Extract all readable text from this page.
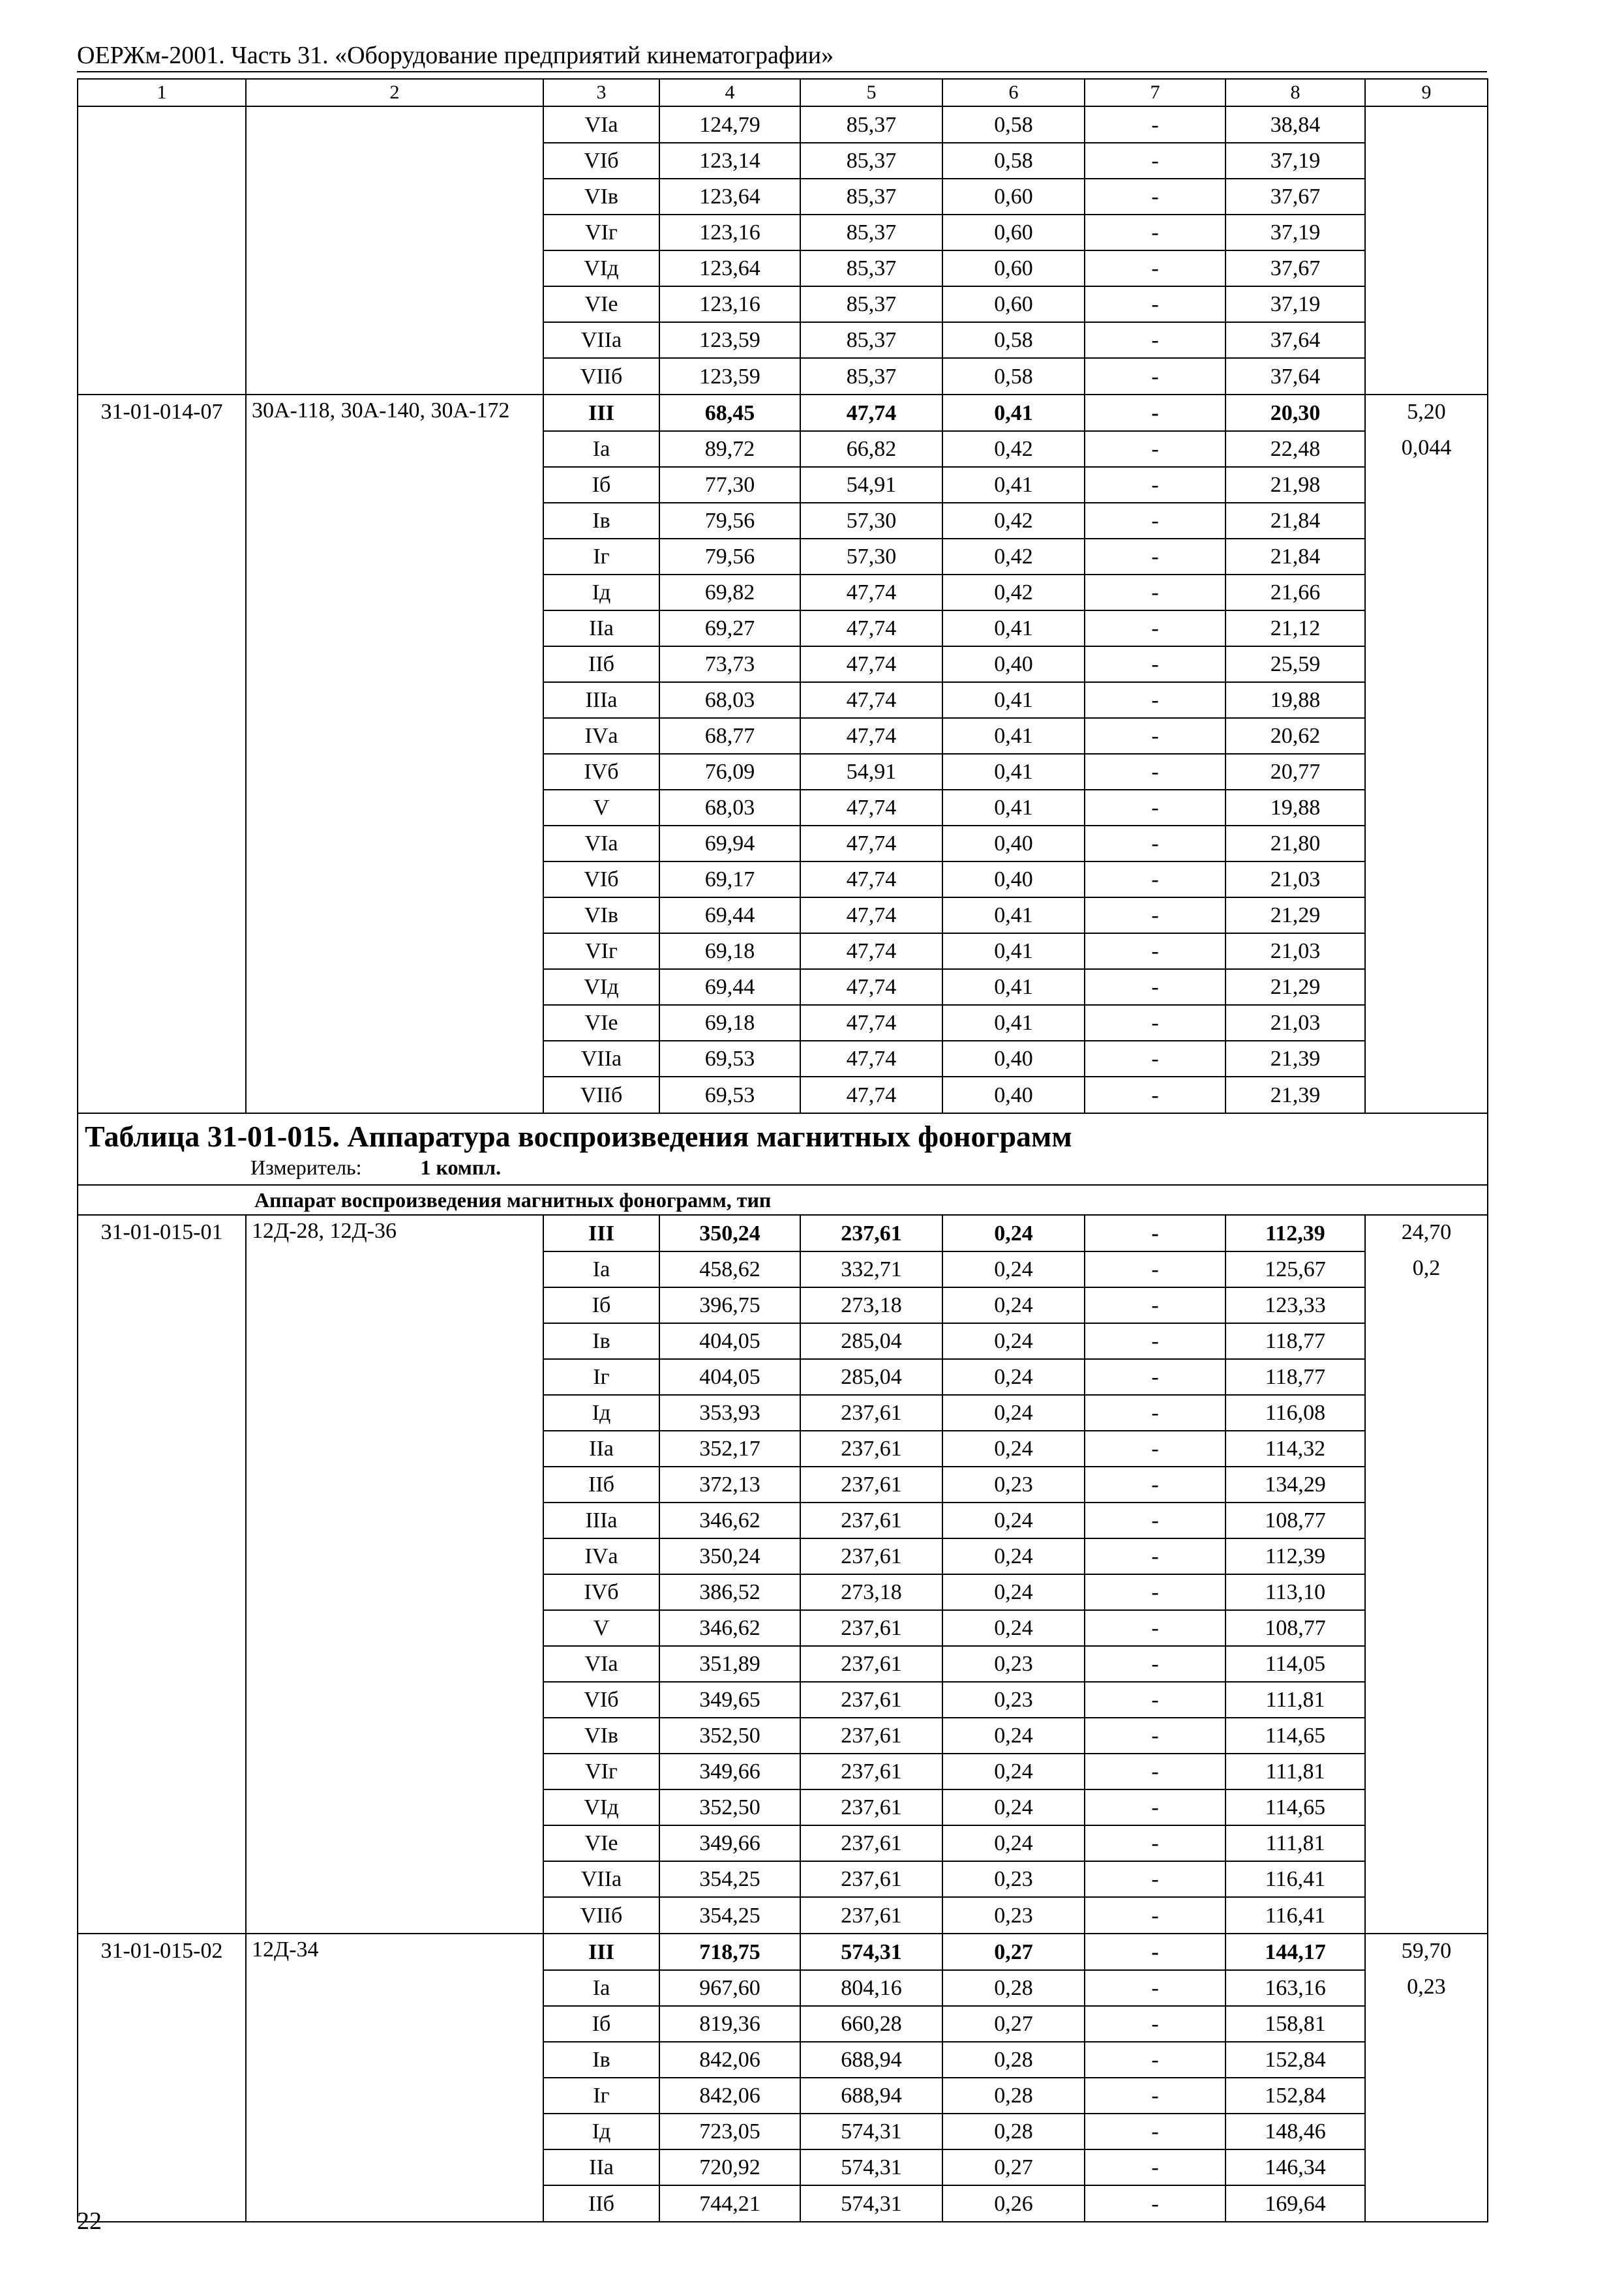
ОЕРЖм-2001. Часть 31. «Оборудование предприятий кинематографии»
1	2	3	4	5	6	7	8	9
		VIа	124,79	85,37	0,58	-	38,84	
		VIб	123,14	85,37	0,58	-	37,19	
		VIв	123,64	85,37	0,60	-	37,67	
		VIг	123,16	85,37	0,60	-	37,19	
		VIд	123,64	85,37	0,60	-	37,67	
		VIе	123,16	85,37	0,60	-	37,19	
		VIIа	123,59	85,37	0,58	-	37,64	
		VIIб	123,59	85,37	0,58	-	37,64	
31-01-014-07	30А-118, 30А-140, 30А-172	III	68,45	47,74	0,41	-	20,30	5,20
		Iа	89,72	66,82	0,42	-	22,48	0,044
		Iб	77,30	54,91	0,41	-	21,98	
		Iв	79,56	57,30	0,42	-	21,84	
		Iг	79,56	57,30	0,42	-	21,84	
		Iд	69,82	47,74	0,42	-	21,66	
		IIа	69,27	47,74	0,41	-	21,12	
		IIб	73,73	47,74	0,40	-	25,59	
		IIIа	68,03	47,74	0,41	-	19,88	
		IVа	68,77	47,74	0,41	-	20,62	
		IVб	76,09	54,91	0,41	-	20,77	
		V	68,03	47,74	0,41	-	19,88	
		VIа	69,94	47,74	0,40	-	21,80	
		VIб	69,17	47,74	0,40	-	21,03	
		VIв	69,44	47,74	0,41	-	21,29	
		VIг	69,18	47,74	0,41	-	21,03	
		VIд	69,44	47,74	0,41	-	21,29	
		VIе	69,18	47,74	0,41	-	21,03	
		VIIа	69,53	47,74	0,40	-	21,39	
		VIIб	69,53	47,74	0,40	-	21,39	

Таблица 31-01-015. Аппаратура воспроизведения магнитных фонограмм
Измеритель: 1 компл.								

Аппарат воспроизведения магнитных фонограмм, тип								
31-01-015-01	12Д-28, 12Д-36	III	350,24	237,61	0,24	-	112,39	24,70
		Iа	458,62	332,71	0,24	-	125,67	0,2
		Iб	396,75	273,18	0,24	-	123,33	
		Iв	404,05	285,04	0,24	-	118,77	
		Iг	404,05	285,04	0,24	-	118,77	
		Iд	353,93	237,61	0,24	-	116,08	
		IIа	352,17	237,61	0,24	-	114,32	
		IIб	372,13	237,61	0,23	-	134,29	
		IIIа	346,62	237,61	0,24	-	108,77	
		IVа	350,24	237,61	0,24	-	112,39	
		IVб	386,52	273,18	0,24	-	113,10	
		V	346,62	237,61	0,24	-	108,77	
		VIа	351,89	237,61	0,23	-	114,05	
		VIб	349,65	237,61	0,23	-	111,81	
		VIв	352,50	237,61	0,24	-	114,65	
		VIг	349,66	237,61	0,24	-	111,81	
		VIд	352,50	237,61	0,24	-	114,65	
		VIе	349,66	237,61	0,24	-	111,81	
		VIIа	354,25	237,61	0,23	-	116,41	
		VIIб	354,25	237,61	0,23	-	116,41	
31-01-015-02	12Д-34	III	718,75	574,31	0,27	-	144,17	59,70
		Iа	967,60	804,16	0,28	-	163,16	0,23
		Iб	819,36	660,28	0,27	-	158,81	
		Iв	842,06	688,94	0,28	-	152,84	
		Iг	842,06	688,94	0,28	-	152,84	
		Iд	723,05	574,31	0,28	-	148,46	
		IIа	720,92	574,31	0,27	-	146,34	
		IIб	744,21	574,31	0,26	-	169,64	
22
